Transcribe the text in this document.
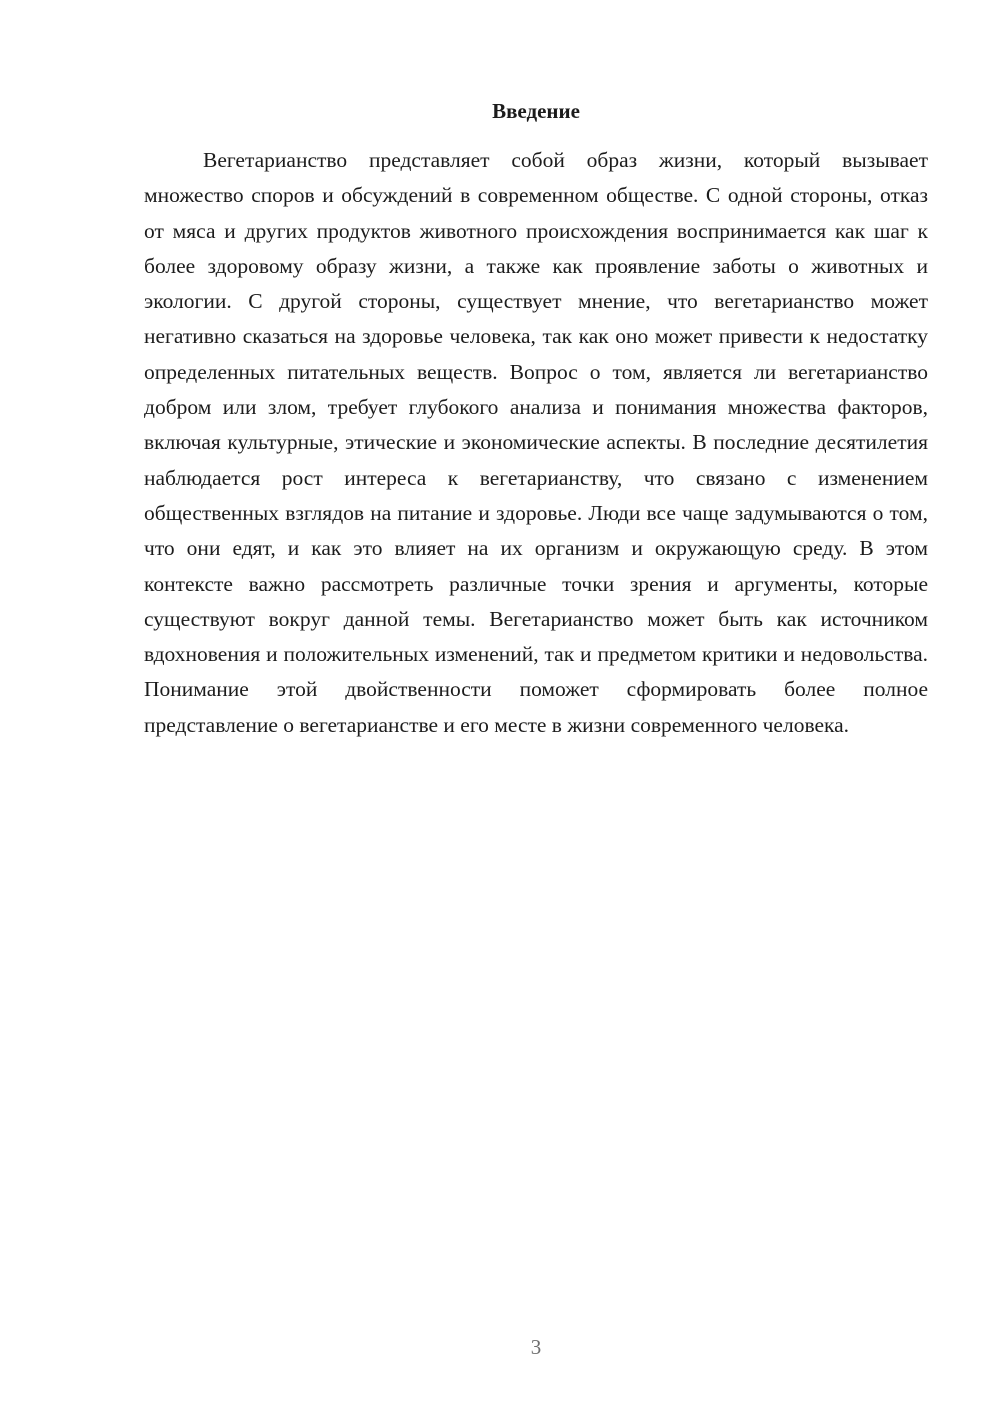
Введение

Вегетарианство представляет собой образ жизни, который вызывает множество споров и обсуждений в современном обществе. С одной стороны, отказ от мяса и других продуктов животного происхождения воспринимается как шаг к более здоровому образу жизни, а также как проявление заботы о животных и экологии. С другой стороны, существует мнение, что вегетарианство может негативно сказаться на здоровье человека, так как оно может привести к недостатку определенных питательных веществ. Вопрос о том, является ли вегетарианство добром или злом, требует глубокого анализа и понимания множества факторов, включая культурные, этические и экономические аспекты. В последние десятилетия наблюдается рост интереса к вегетарианству, что связано с изменением общественных взглядов на питание и здоровье. Люди все чаще задумываются о том, что они едят, и как это влияет на их организм и окружающую среду. В этом контексте важно рассмотреть различные точки зрения и аргументы, которые существуют вокруг данной темы. Вегетарианство может быть как источником вдохновения и положительных изменений, так и предметом критики и недовольства. Понимание этой двойственности поможет сформировать более полное представление о вегетарианстве и его месте в жизни современного человека.

3
